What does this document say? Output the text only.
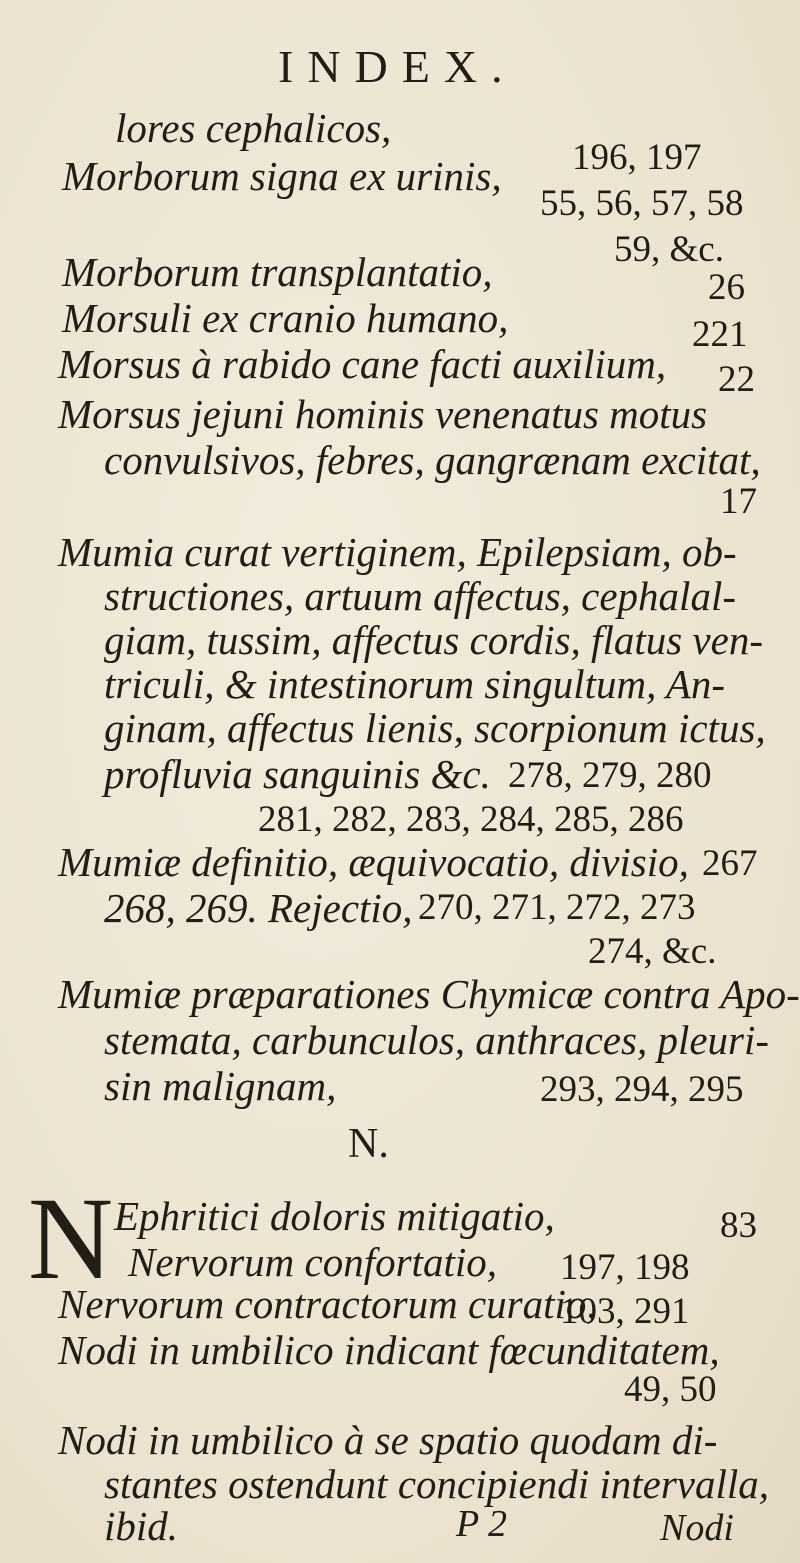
INDEX.
lores cephalicos,
196, 197
Morborum signa ex urinis,
55, 56, 57, 58
59, &c.
Morborum transplantatio,	26
Morsuli ex cranio humano,	221
Morsus à rabido cane facti auxilium, 22
Morsus jejuni hominis venenatus motus
convulsivos, febres, gangrænam excitat,
17
Mumia curat vertiginem, Epilepsiam, ob-
structiones, artuum affectus, cephalal-
giam, tussim, affectus cordis, flatus ven-
triculi, & intestinorum singultum, An-
ginam, affectus lienis, scorpionum ictus,
profluvia sanguinis &c. 278, 279, 280
281, 282, 283, 284, 285, 286
Mumiæ definitio, æquivocatio, divisio, 267
268, 269. Rejectio, 270, 271, 272, 273
274, &c.
Mumiæ præparationes Chymicæ contra Apo-
stemata, carbunculos, anthraces, pleuri-
sin malignam,	293, 294, 295
N.
N Ephritici doloris mitigatio,	83
Nervorum confortatio, 197, 198
Nervorum contractorum curatio,
103, 291
Nodi in umbilico indicant fœcunditatem,
49, 50
Nodi in umbilico à se spatio quodam di-
stantes ostendunt concipiendi intervalla,
ibid.	P 2	Nodi
